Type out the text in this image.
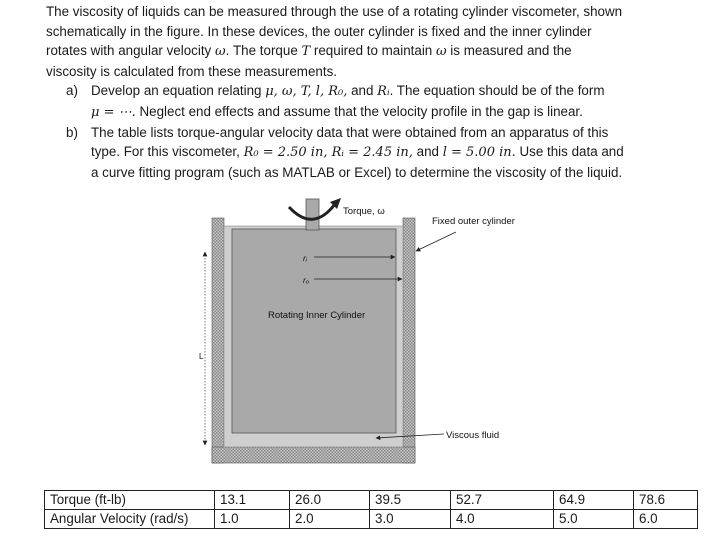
The viscosity of liquids can be measured through the use of a rotating cylinder viscometer, shown

schematically in the figure. In these devices, the outer cylinder is fixed and the inner cylinder

rotates with angular velocity ω. The torque T required to maintain ω is measured and the

viscosity is calculated from these measurements.

a) Develop an equation relating μ, ω, T, l, R₀, and Rᵢ. The equation should be of the form

μ = ⋯. Neglect end effects and assume that the velocity profile in the gap is linear.

b) The table lists torque-angular velocity data that were obtained from an apparatus of this

type. For this viscometer, R₀ = 2.50 in, Rᵢ = 2.45 in, and l = 5.00 in. Use this data and

a curve fitting program (such as MATLAB or Excel) to determine the viscosity of the liquid.

Torque, ω
rᵢ
rₒ
Rotating Inner Cylinder
Fixed outer cylinder
Viscous fluid
L
Torque (ft-lb)	13.1	26.0	39.5	52.7	64.9	78.6
Angular Velocity (rad/s)	1.0	2.0	3.0	4.0	5.0	6.0
